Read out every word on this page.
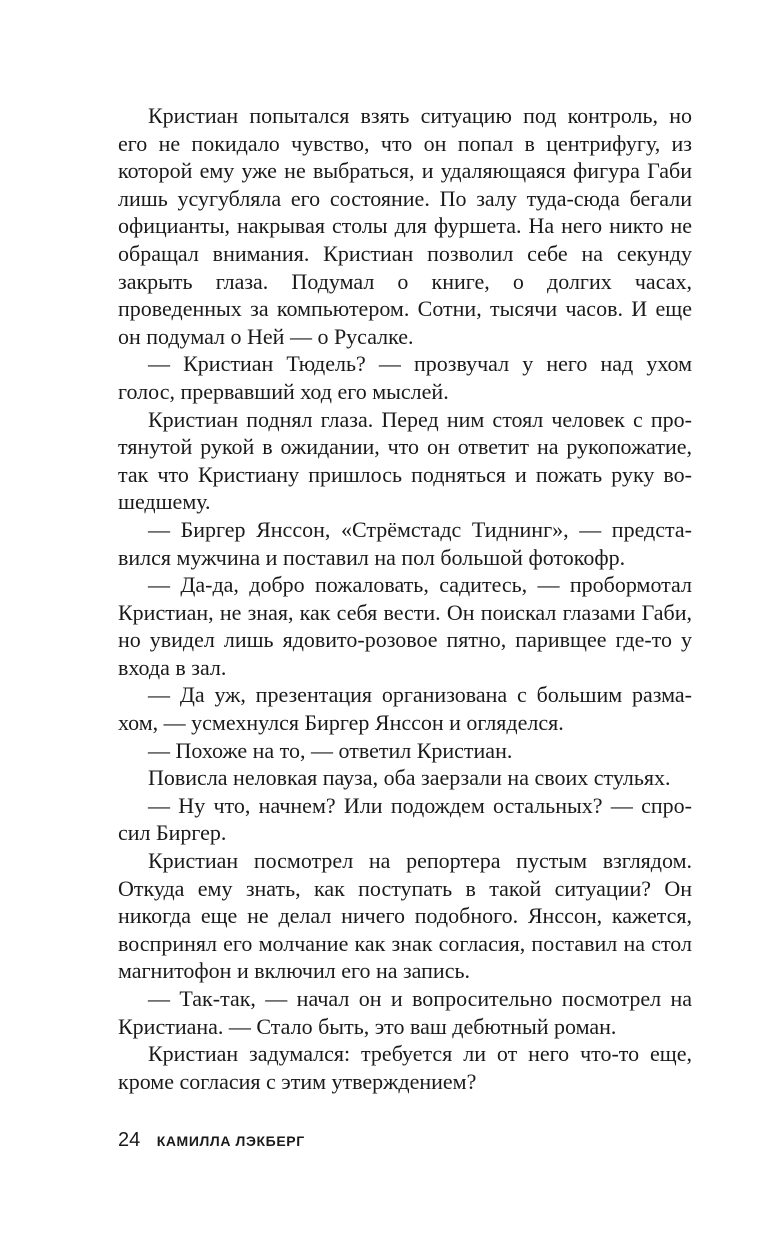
Кристиан попытался взять ситуацию под контроль, но его не покидало чувство, что он попал в центрифугу, из которой ему уже не выбраться, и удаляющаяся фигура Габи лишь усугубляла его состояние. По залу туда-сюда бегали официанты, накрывая столы для фуршета. На него никто не обращал внимания. Кристиан позволил себе на секунду закрыть глаза. Подумал о книге, о долгих часах, проведенных за компьютером. Сотни, тысячи часов. И еще он подумал о Ней — о Русалке.

— Кристиан Тюдель? — прозвучал у него над ухом голос, прервавший ход его мыслей.

Кристиан поднял глаза. Перед ним стоял человек с протянутой рукой в ожидании, что он ответит на рукопожатие, так что Кристиану пришлось подняться и пожать руку вошедшему.

— Биргер Янссон, «Стрёмстадс Тиднинг», — представился мужчина и поставил на пол большой фотокофр.

— Да-да, добро пожаловать, садитесь, — пробормотал Кристиан, не зная, как себя вести. Он поискал глазами Габи, но увидел лишь ядовито-розовое пятно, паривщее где-то у входа в зал.

— Да уж, презентация организована с большим размахом, — усмехнулся Биргер Янссон и огляделся.

— Похоже на то, — ответил Кристиан.

Повисла неловкая пауза, оба заерзали на своих стульях.

— Ну что, начнем? Или подождем остальных? — спросил Биргер.

Кристиан посмотрел на репортера пустым взглядом. Откуда ему знать, как поступать в такой ситуации? Он никогда еще не делал ничего подобного. Янссон, кажется, воспринял его молчание как знак согласия, поставил на стол магнитофон и включил его на запись.

— Так-так, — начал он и вопросительно посмотрел на Кристиана. — Стало быть, это ваш дебютный роман.

Кристиан задумался: требуется ли от него что-то еще, кроме согласия с этим утверждением?

24 КАМИЛЛА ЛЭКБЕРГ
